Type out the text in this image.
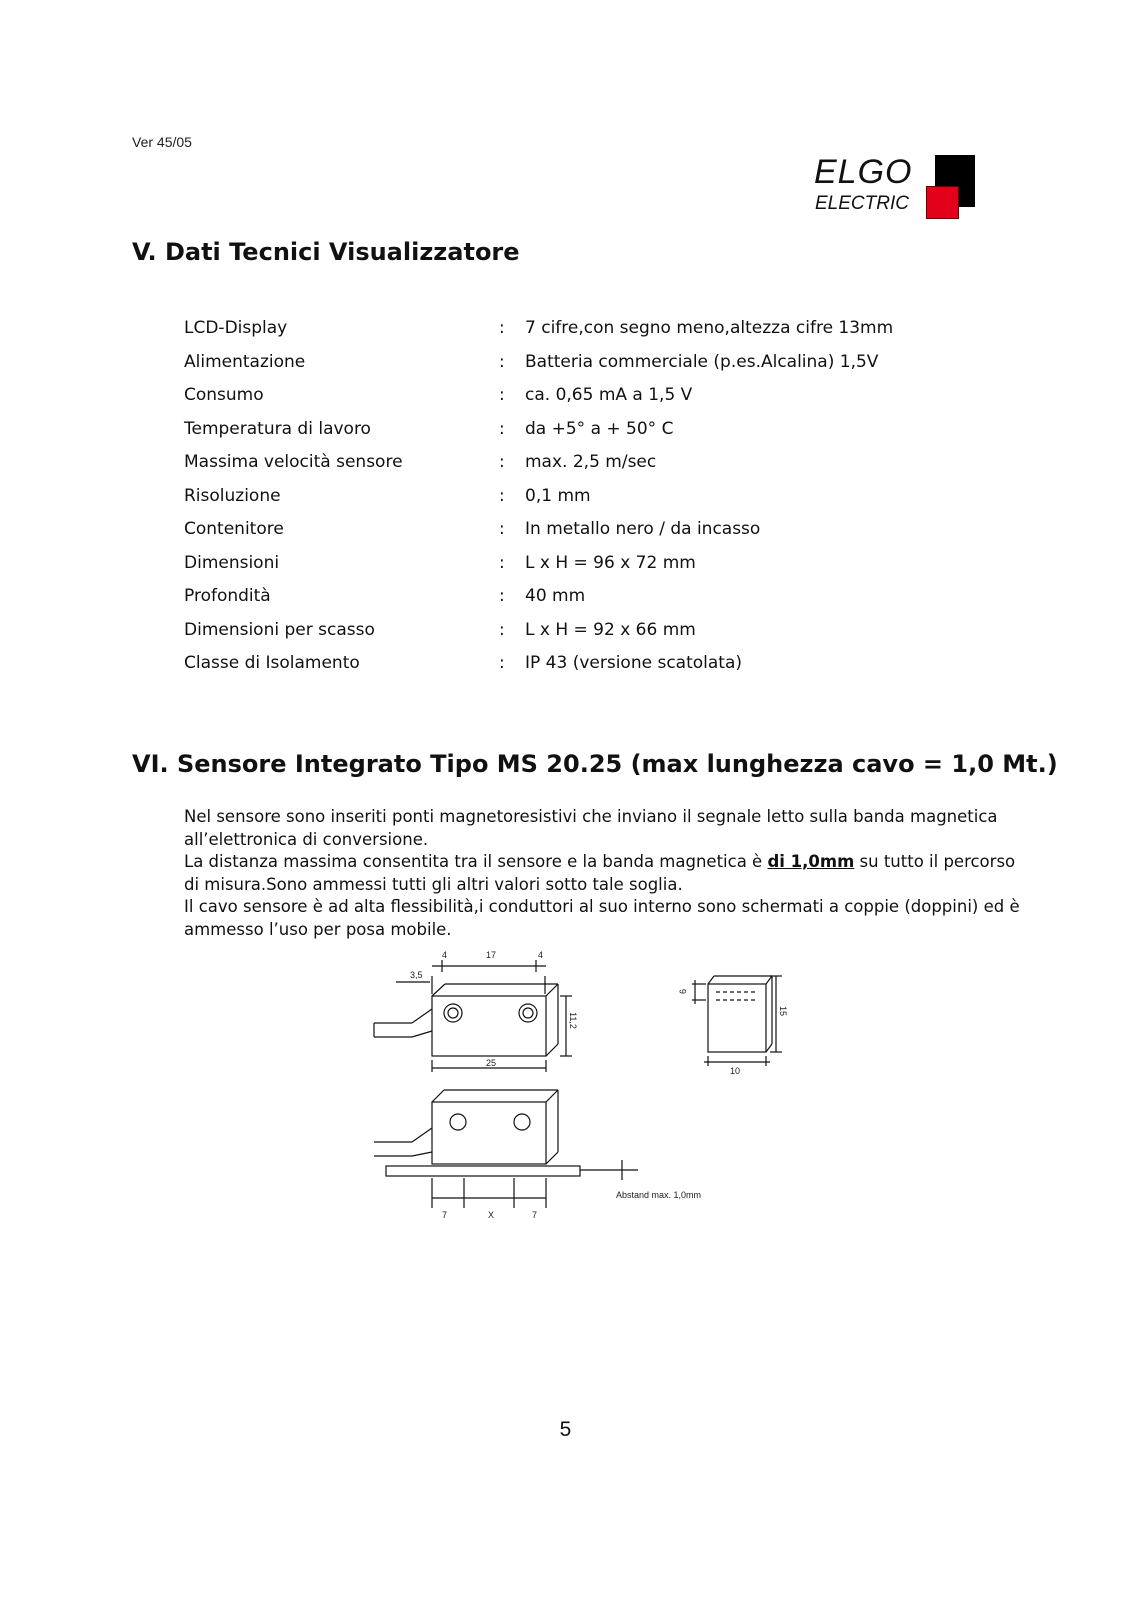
Ver 45/05
ELGO
ELECTRIC
V. Dati Tecnici Visualizzatore
LCD-Display	: 7 cifre,con segno meno,altezza cifre 13mm
Alimentazione	: Batteria commerciale (p.es.Alcalina) 1,5V
Consumo	: ca. 0,65 mA a 1,5 V
Temperatura di lavoro	: da +5° a + 50° C
Massima velocità sensore	: max. 2,5 m/sec
Risoluzione	: 0,1 mm
Contenitore	: In metallo nero / da incasso
Dimensioni	: L x H = 96 x 72 mm
Profondità	: 40 mm
Dimensioni per scasso	: L x H = 92 x 66 mm
Classe di Isolamento	: IP 43 (versione scatolata)
VI. Sensore Integrato Tipo MS 20.25 (max lunghezza cavo = 1,0 Mt.)

Nel sensore sono inseriti ponti magnetoresistivi che inviano il segnale letto sulla banda magnetica all’elettronica di conversione.

La distanza massima consentita tra il sensore e la banda magnetica è di 1,0mm su tutto il percorso di misura.Sono ammessi tutti gli altri valori sotto tale soglia.

Il cavo sensore è ad alta flessibilità,i conduttori al suo interno sono schermati a coppie (doppini) ed è ammesso l’uso per posa mobile.

4	17	4
3,5
11,2
25
6
15
10
7	X	7
Abstand max. 1,0mm
5
